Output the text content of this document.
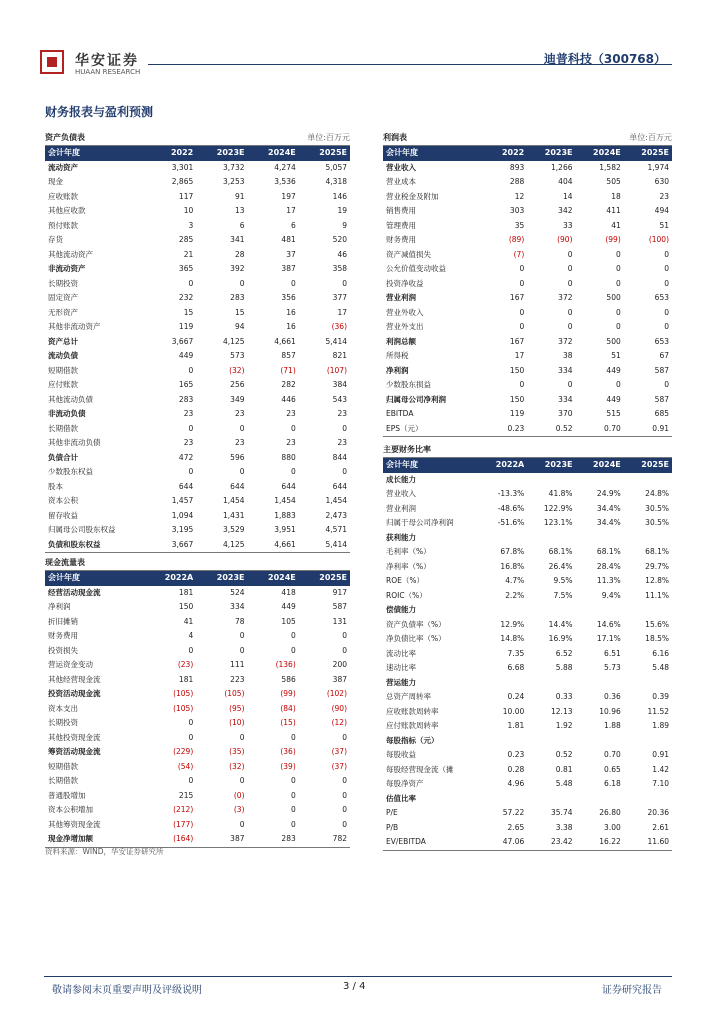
华安证券
HUAAN RESEARCH
迪普科技（300768）
财务报表与盈利预测
资产负债表	单位:百万元
会计年度	2022	2023E	2024E	2025E
流动资产	3,301	3,732	4,274	5,057
现金	2,865	3,253	3,536	4,318
应收账款	117	91	197	146
其他应收款	10	13	17	19
预付账款	3	6	6	9
存货	285	341	481	520
其他流动资产	21	28	37	46
非流动资产	365	392	387	358
长期投资	0	0	0	0
固定资产	232	283	356	377
无形资产	15	15	16	17
其他非流动资产	119	94	16	(36)
资产总计	3,667	4,125	4,661	5,414
流动负债	449	573	857	821
短期借款	0	(32)	(71)	(107)
应付账款	165	256	282	384
其他流动负债	283	349	446	543
非流动负债	23	23	23	23
长期借款	0	0	0	0
其他非流动负债	23	23	23	23
负债合计	472	596	880	844
少数股东权益	0	0	0	0
股本	644	644	644	644
资本公积	1,457	1,454	1,454	1,454
留存收益	1,094	1,431	1,883	2,473
归属母公司股东权益	3,195	3,529	3,951	4,571
负债和股东权益	3,667	4,125	4,661	5,414
现金流量表
会计年度	2022A	2023E	2024E	2025E
经营活动现金流	181	524	418	917
净利润	150	334	449	587
折旧摊销	41	78	105	131
财务费用	4	0	0	0
投资损失	0	0	0	0
营运资金变动	(23)	111	(136)	200
其他经营现金流	181	223	586	387
投资活动现金流	(105)	(105)	(99)	(102)
资本支出	(105)	(95)	(84)	(90)
长期投资	0	(10)	(15)	(12)
其他投资现金流	0	0	0	0
筹资活动现金流	(229)	(35)	(36)	(37)
短期借款	(54)	(32)	(39)	(37)
长期借款	0	0	0	0
普通股增加	215	(0)	0	0
资本公积增加	(212)	(3)	0	0
其他筹资现金流	(177)	0	0	0
现金净增加额	(164)	387	283	782
利润表	单位:百万元
会计年度	2022	2023E	2024E	2025E
营业收入	893	1,266	1,582	1,974
营业成本	288	404	505	630
营业税金及附加	12	14	18	23
销售费用	303	342	411	494
管理费用	35	33	41	51
财务费用	(89)	(90)	(99)	(100)
资产减值损失	(7)	0	0	0
公允价值变动收益	0	0	0	0
投资净收益	0	0	0	0
营业利润	167	372	500	653
营业外收入	0	0	0	0
营业外支出	0	0	0	0
利润总额	167	372	500	653
所得税	17	38	51	67
净利润	150	334	449	587
少数股东损益	0	0	0	0
归属母公司净利润	150	334	449	587
EBITDA	119	370	515	685
EPS（元）	0.23	0.52	0.70	0.91
主要财务比率
会计年度	2022A	2023E	2024E	2025E
成长能力				
营业收入	-13.3%	41.8%	24.9%	24.8%
营业利润	-48.6%	122.9%	34.4%	30.5%
归属于母公司净利润	-51.6%	123.1%	34.4%	30.5%
获利能力				
毛利率（%）	67.8%	68.1%	68.1%	68.1%
净利率（%）	16.8%	26.4%	28.4%	29.7%
ROE（%）	4.7%	9.5%	11.3%	12.8%
ROIC（%）	2.2%	7.5%	9.4%	11.1%
偿债能力				
资产负债率（%）	12.9%	14.4%	14.6%	15.6%
净负债比率（%）	14.8%	16.9%	17.1%	18.5%
流动比率	7.35	6.52	6.51	6.16
速动比率	6.68	5.88	5.73	5.48
营运能力				
总资产周转率	0.24	0.33	0.36	0.39
应收账款周转率	10.00	12.13	10.96	11.52
应付账款周转率	1.81	1.92	1.88	1.89
每股指标（元）				
每股收益	0.23	0.52	0.70	0.91
每股经营现金流（摊	0.28	0.81	0.65	1.42
每股净资产	4.96	5.48	6.18	7.10
估值比率				
P/E	57.22	35.74	26.80	20.36
P/B	2.65	3.38	3.00	2.61
EV/EBITDA	47.06	23.42	16.22	11.60
资料来源：WIND，华安证券研究所
敬请参阅末页重要声明及评级说明	3 / 4	证券研究报告
